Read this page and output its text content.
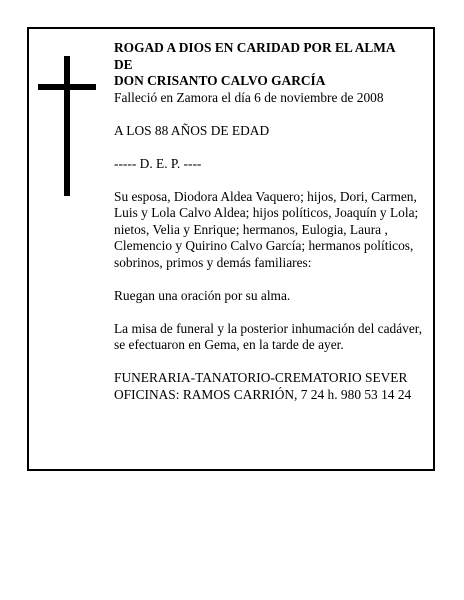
ROGAD A DIOS EN CARIDAD POR EL ALMA

DE

DON CRISANTO CALVO GARCÍA

Falleció en Zamora el día 6 de noviembre de 2008

A LOS 88 AÑOS DE EDAD

----- D. E. P. ----

Su esposa, Diodora Aldea Vaquero; hijos, Dori, Carmen, Luis y Lola Calvo Aldea; hijos políticos, Joaquín y Lola; nietos, Velia y Enrique; hermanos, Eulogia, Laura , Clemencio y Quirino Calvo García; hermanos políticos, sobrinos, primos y demás familiares:

Ruegan una oración por su alma.

La misa de funeral y la posterior inhumación del cadáver, se efectuaron en Gema, en la tarde de ayer.

FUNERARIA-TANATORIO-CREMATORIO SEVER

OFICINAS: RAMOS CARRIÓN, 7 24 h. 980 53 14 24
